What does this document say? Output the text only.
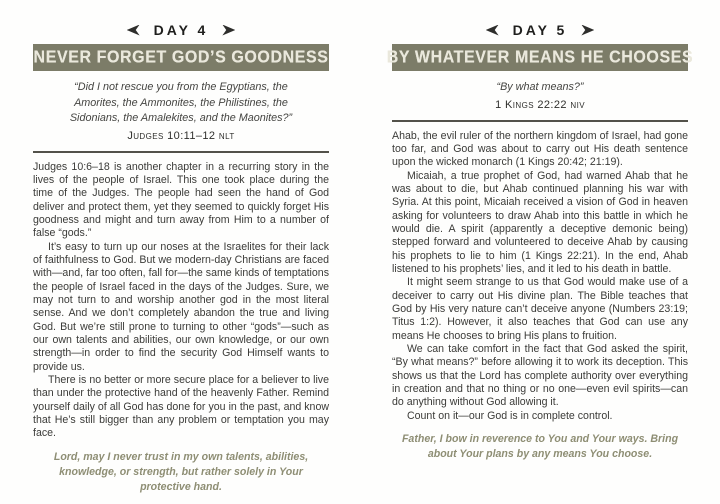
DAY 4
NEVER FORGET GOD’S GOODNESS
“Did I not rescue you from the Egyptians, the Amorites, the Ammonites, the Philistines, the Sidonians, the Amalekites, and the Maonites?”
Judges 10:11–12 nlt

Judges 10:6–18 is another chapter in a recurring story in the lives of the people of Israel. This one took place during the time of the Judges. The people had seen the hand of God deliver and protect them, yet they seemed to quickly forget His goodness and might and turn away from Him to a number of false “gods.”

It’s easy to turn up our noses at the Israelites for their lack of faithfulness to God. But we modern-day Christians are faced with—and, far too often, fall for—the same kinds of temptations the people of Israel faced in the days of the Judges. Sure, we may not turn to and worship another god in the most literal sense. And we don’t completely abandon the true and living God. But we’re still prone to turning to other “gods”—such as our own talents and abilities, our own knowledge, or our own strength—in order to find the security God Himself wants to provide us.

There is no better or more secure place for a believer to live than under the protective hand of the heavenly Father. Remind yourself daily of all God has done for you in the past, and know that He’s still bigger than any problem or temptation you may face.

Lord, may I never trust in my own talents, abilities, knowledge, or strength, but rather solely in Your protective hand.
DAY 5
BY WHATEVER MEANS HE CHOOSES
“By what means?”
1 Kings 22:22 niv

Ahab, the evil ruler of the northern kingdom of Israel, had gone too far, and God was about to carry out His death sentence upon the wicked monarch (1 Kings 20:42; 21:19).

Micaiah, a true prophet of God, had warned Ahab that he was about to die, but Ahab continued planning his war with Syria. At this point, Micaiah received a vision of God in heaven asking for volunteers to draw Ahab into this battle in which he would die. A spirit (apparently a deceptive demonic being) stepped forward and volunteered to deceive Ahab by causing his prophets to lie to him (1 Kings 22:21). In the end, Ahab listened to his prophets’ lies, and it led to his death in battle.

It might seem strange to us that God would make use of a deceiver to carry out His divine plan. The Bible teaches that God by His very nature can’t deceive anyone (Numbers 23:19; Titus 1:2). However, it also teaches that God can use any means He chooses to bring His plans to fruition.

We can take comfort in the fact that God asked the spirit, “By what means?” before allowing it to work its deception. This shows us that the Lord has complete authority over everything in creation and that no thing or no one—even evil spirits—can do anything without God allowing it.

Count on it—our God is in complete control.

Father, I bow in reverence to You and Your ways. Bring about Your plans by any means You choose.
